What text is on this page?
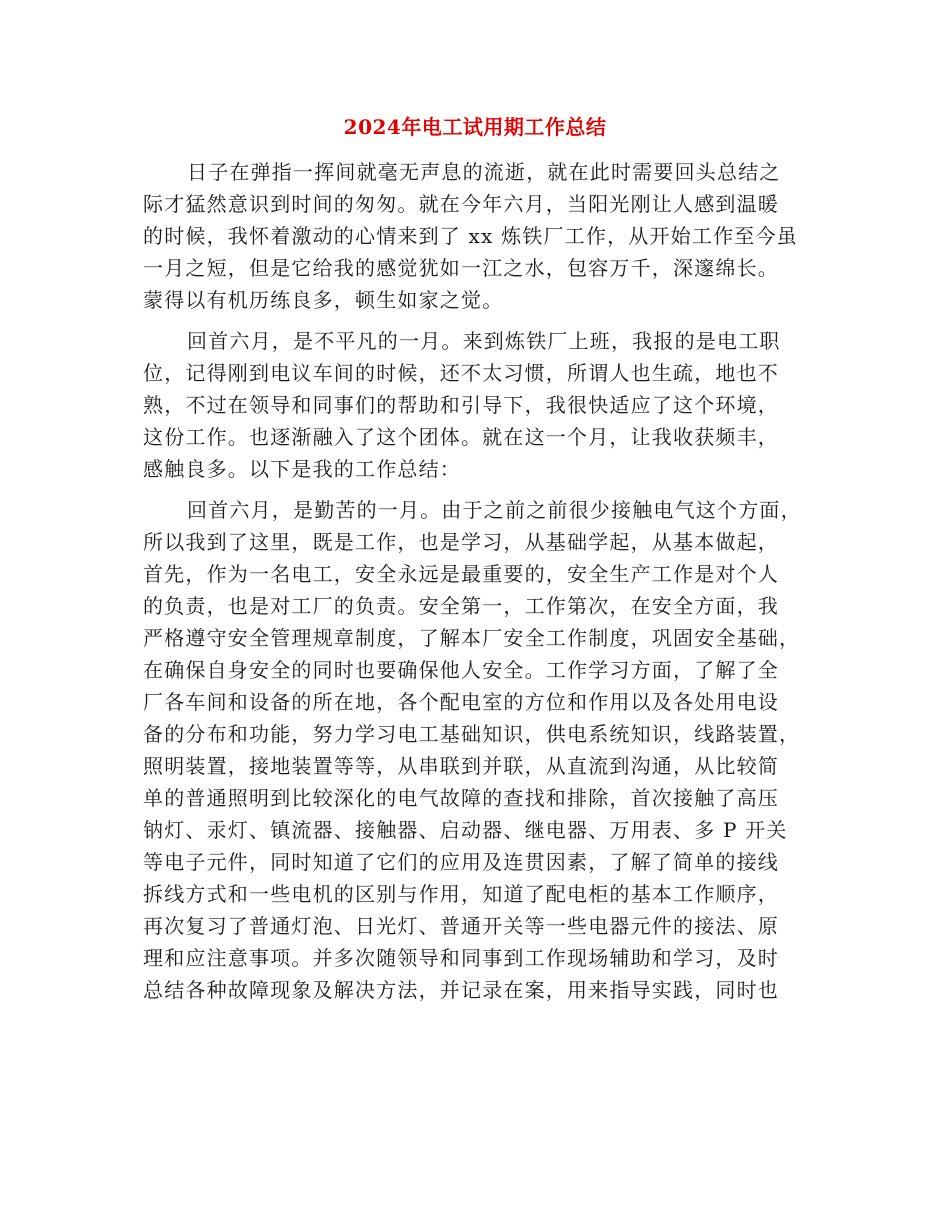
2024年电工试用期工作总结
日子在弹指一挥间就毫无声息的流逝，就在此时需要回头总结之
际才猛然意识到时间的匆匆。就在今年六月，当阳光刚让人感到温暖
的时候，我怀着激动的心情来到了 xx 炼铁厂工作，从开始工作至今虽
一月之短，但是它给我的感觉犹如一江之水，包容万千，深邃绵长。
蒙得以有机历练良多，顿生如家之觉。
回首六月，是不平凡的一月。来到炼铁厂上班，我报的是电工职
位，记得刚到电议车间的时候，还不太习惯，所谓人也生疏，地也不
熟，不过在领导和同事们的帮助和引导下，我很快适应了这个环境，
这份工作。也逐渐融入了这个团体。就在这一个月，让我收获频丰，
感触良多。以下是我的工作总结：
回首六月，是勤苦的一月。由于之前之前很少接触电气这个方面，
所以我到了这里，既是工作，也是学习，从基础学起，从基本做起，
首先，作为一名电工，安全永远是最重要的，安全生产工作是对个人
的负责，也是对工厂的负责。安全第一，工作第次，在安全方面，我
严格遵守安全管理规章制度，了解本厂安全工作制度，巩固安全基础，
在确保自身安全的同时也要确保他人安全。工作学习方面，了解了全
厂各车间和设备的所在地，各个配电室的方位和作用以及各处用电设
备的分布和功能，努力学习电工基础知识，供电系统知识，线路装置，
照明装置，接地装置等等，从串联到并联，从直流到沟通，从比较简
单的普通照明到比较深化的电气故障的查找和排除，首次接触了高压
钠灯、汞灯、镇流器、接触器、启动器、继电器、万用表、多 P 开关
等电子元件，同时知道了它们的应用及连贯因素，了解了简单的接线
拆线方式和一些电机的区别与作用，知道了配电柜的基本工作顺序，
再次复习了普通灯泡、日光灯、普通开关等一些电器元件的接法、原
理和应注意事项。并多次随领导和同事到工作现场辅助和学习，及时
总结各种故障现象及解决方法，并记录在案，用来指导实践，同时也
